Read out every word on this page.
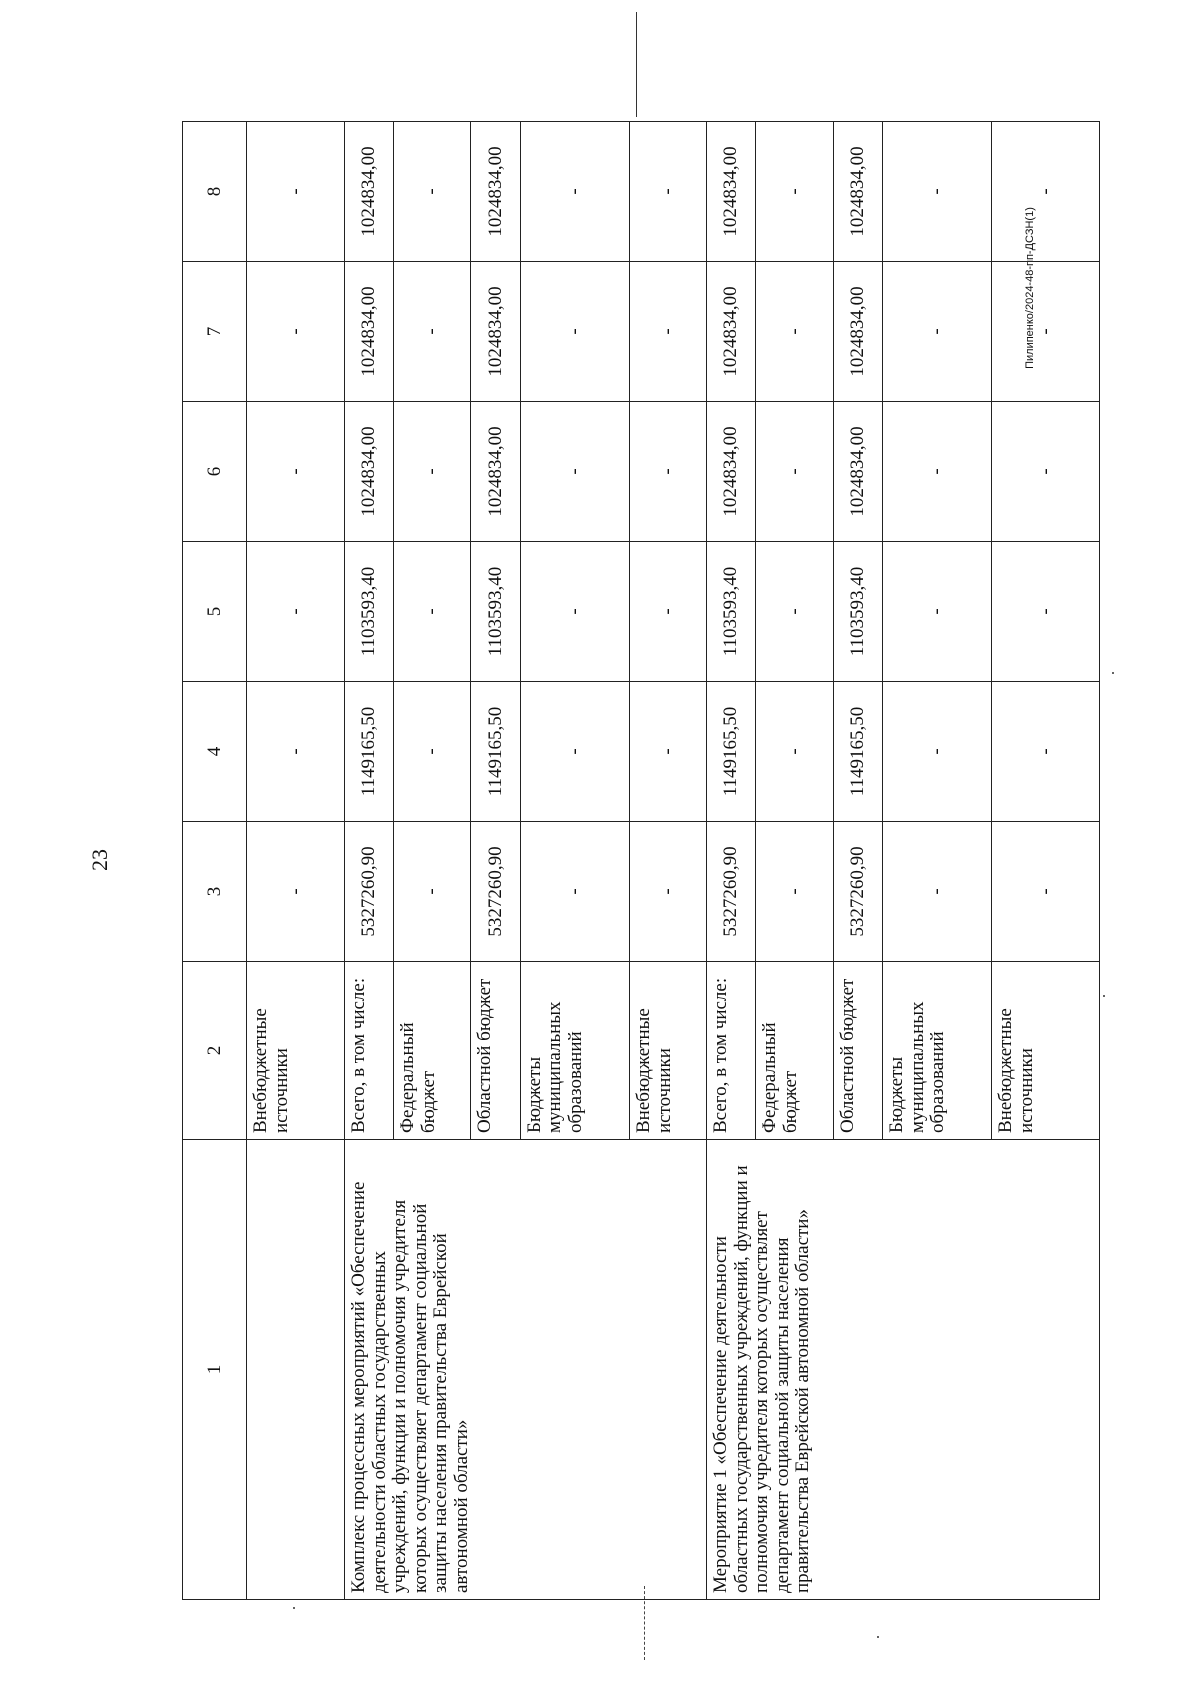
23
Пилипенко/2024-48-пп-ДСЗН(1)
1	2	3	4	5	6	7	8
	Внебюджетные источники	-	-	-	-	-	-
Комплекс процессных мероприятий «Обеспечение деятельности областных государственных учреждений, функции и полномочия учредителя которых осуществляет департамент социальной защиты населения правительства Еврейской автономной области»	Всего, в том числе:	5327260,90	1149165,50	1103593,40	1024834,00	1024834,00	1024834,00
	Федеральный бюджет	-	-	-	-	-	-
	Областной бюджет	5327260,90	1149165,50	1103593,40	1024834,00	1024834,00	1024834,00
	Бюджеты муниципальных образований	-	-	-	-	-	-
	Внебюджетные источники	-	-	-	-	-	-
Мероприятие 1 «Обеспечение деятельности областных государственных учреждений, функции и полномочия учредителя которых осуществляет департамент социальной защиты населения правительства Еврейской автономной области»	Всего, в том числе:	5327260,90	1149165,50	1103593,40	1024834,00	1024834,00	1024834,00
	Федеральный бюджет	-	-	-	-	-	-
	Областной бюджет	5327260,90	1149165,50	1103593,40	1024834,00	1024834,00	1024834,00
	Бюджеты муниципальных образований	-	-	-	-	-	-
	Внебюджетные источники	-	-	-	-	-	-
